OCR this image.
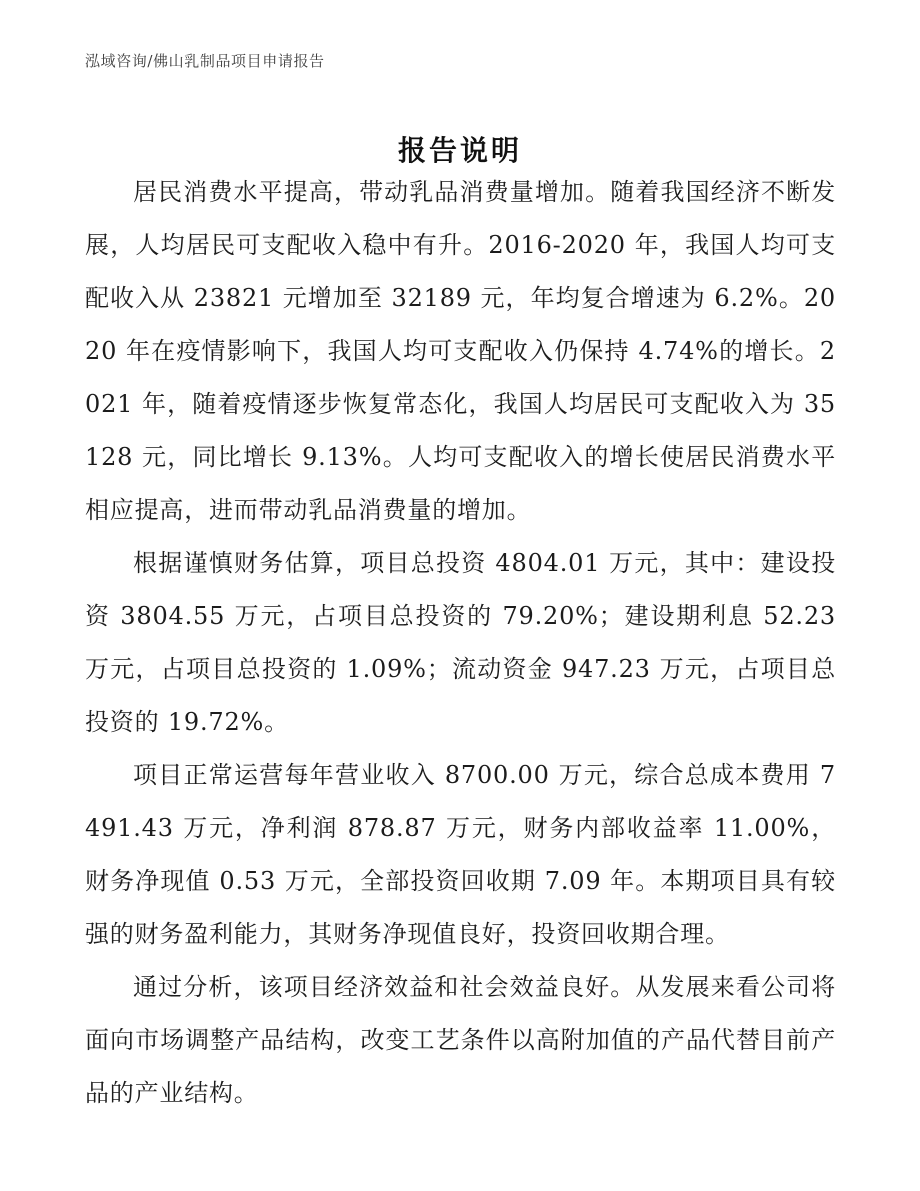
泓域咨询/佛山乳制品项目申请报告
报告说明

居民消费水平提高，带动乳品消费量增加。随着我国经济不断发展，人均居民可支配收入稳中有升。2016-2020 年，我国人均可支配收入从 23821 元增加至 32189 元，年均复合增速为 6.2%。2020 年在疫情影响下，我国人均可支配收入仍保持 4.74%的增长。2021 年，随着疫情逐步恢复常态化，我国人均居民可支配收入为 35128 元，同比增长 9.13%。人均可支配收入的增长使居民消费水平相应提高，进而带动乳品消费量的增加。

根据谨慎财务估算，项目总投资 4804.01 万元，其中：建设投资 3804.55 万元，占项目总投资的 79.20%；建设期利息 52.23 万元，占项目总投资的 1.09%；流动资金 947.23 万元，占项目总投资的 19.72%。

项目正常运营每年营业收入 8700.00 万元，综合总成本费用 7491.43 万元，净利润 878.87 万元，财务内部收益率 11.00%，财务净现值 0.53 万元，全部投资回收期 7.09 年。本期项目具有较强的财务盈利能力，其财务净现值良好，投资回收期合理。

通过分析，该项目经济效益和社会效益良好。从发展来看公司将面向市场调整产品结构，改变工艺条件以高附加值的产品代替目前产品的产业结构。
